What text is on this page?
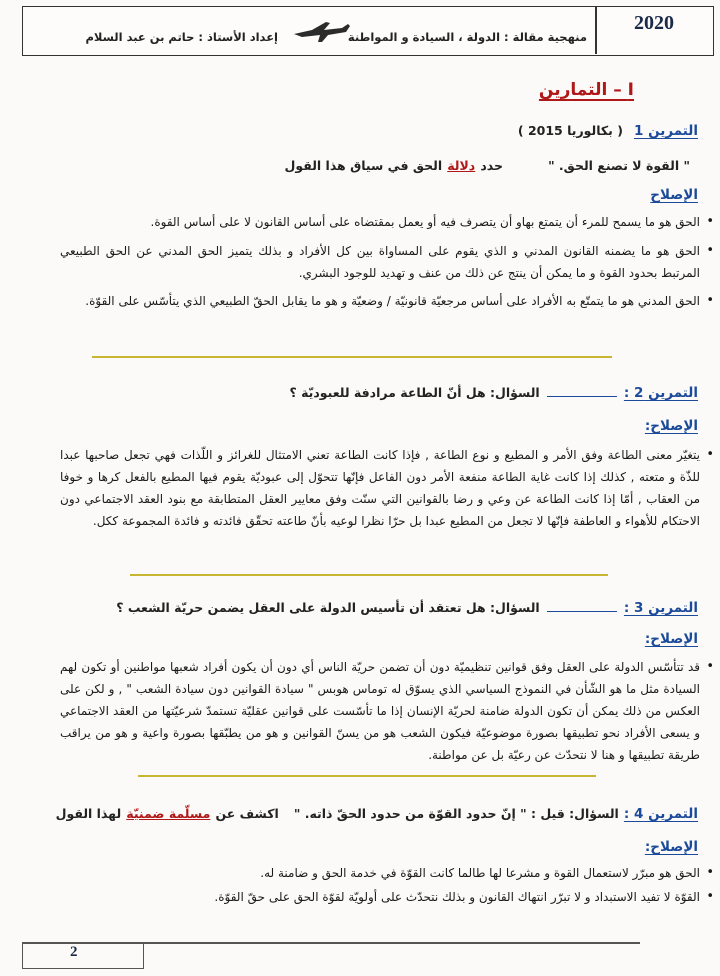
2020
منهجية مقالة : الدولة ، السيادة و المواطنة
إعداد الأستاذ : حاتم بن عبد السلام
I – التمارين
التمرين 1 ( بكالوريا 2015 )
" القوة لا تصنع الحق. " حدد دلالة الحق في سياق هذا القول
الإصلاح
• الحق هو ما يسمح للمرء أن يتمتع بهاو أن يتصرف فيه أو يعمل بمقتضاه على أساس القانون لا على أساس القوة.
• الحق هو ما يضمنه القانون المدني و الذي يقوم على المساواة بين كل الأفراد و بذلك يتميز الحق المدني عن الحق الطبيعي المرتبط بحدود القوة و ما يمكن أن ينتج عن ذلك من عنف و تهديد للوجود البشري.
• الحق المدني هو ما يتمتّع به الأفراد على أساس مرجعيّة قانونيّة / وضعيّة و هو ما يقابل الحقّ الطبيعي الذي يتأسّس على القوّة.
التمرين 2 :  السؤال: هل أنّ الطاعة مرادفة للعبوديّة ؟
الإصلاح:
• يتغيّر معنى الطاعة وفق الأمر و المطيع و نوع الطاعة , فإذا كانت الطاعة تعني الامتثال للغرائز و اللّذات فهي تجعل صاحبها عبدا للذّة و متعته , كذلك إذا كانت غاية الطاعة منفعة الأمر دون الفاعل فإنّها تتحوّل إلى عبوديّة يقوم فيها المطيع بالفعل كرها و خوفا من العقاب , أمّا إذا كانت الطاعة عن وعي و رضا بالقوانين التي سنّت وفق معايير العقل المتطابقة مع بنود العقد الاجتماعي دون الاحتكام للأهواء و العاطفة فإنّها لا تجعل من المطيع عبدا بل حرّا نظرا لوعيه بأنّ طاعته تحقّق فائدته و فائدة المجموعة ككل.
التمرين 3 :  السؤال: هل تعتقد أن تأسيس الدولة على العقل يضمن حريّة الشعب ؟
الإصلاح:
• قد تتأسّس الدولة على العقل وفق قوانين تنظيميّة دون أن تضمن حريّة الناس أي دون أن يكون أفراد شعبها مواطنين أو تكون لهم السيادة مثل ما هو الشّأن في النموذج السياسي الذي يسوّق له توماس هوبس " سيادة القوانين دون سيادة الشعب " , و لكن على العكس من ذلك يمكن أن تكون الدولة ضامنة لحريّة الإنسان إذا ما تأسّست على قوانين عقليّة تستمدّ شرعيّتها من العقد الاجتماعي و يسعى الأفراد نحو تطبيقها بصورة موضوعيّة فيكون الشعب هو من يسنّ القوانين و هو من يطبّقها بصورة واعية و هو من يراقب طريقة تطبيقها و هنا لا نتحدّث عن رعيّة بل عن مواطنة.
التمرين 4 : السؤال: قيل : " إنّ حدود القوّة من حدود الحقّ ذاته. " اكشف عن مسلّمة ضمنيّة لهذا القول
الإصلاح:
• الحق هو مبرّر لاستعمال القوة و مشرعا لها طالما كانت القوّة في خدمة الحق و ضامنة له.
• القوّة لا تفيد الاستبداد و لا تبرّر انتهاك القانون و بذلك نتحدّث على أولويّة لقوّة الحق على حقّ القوّة.
2
